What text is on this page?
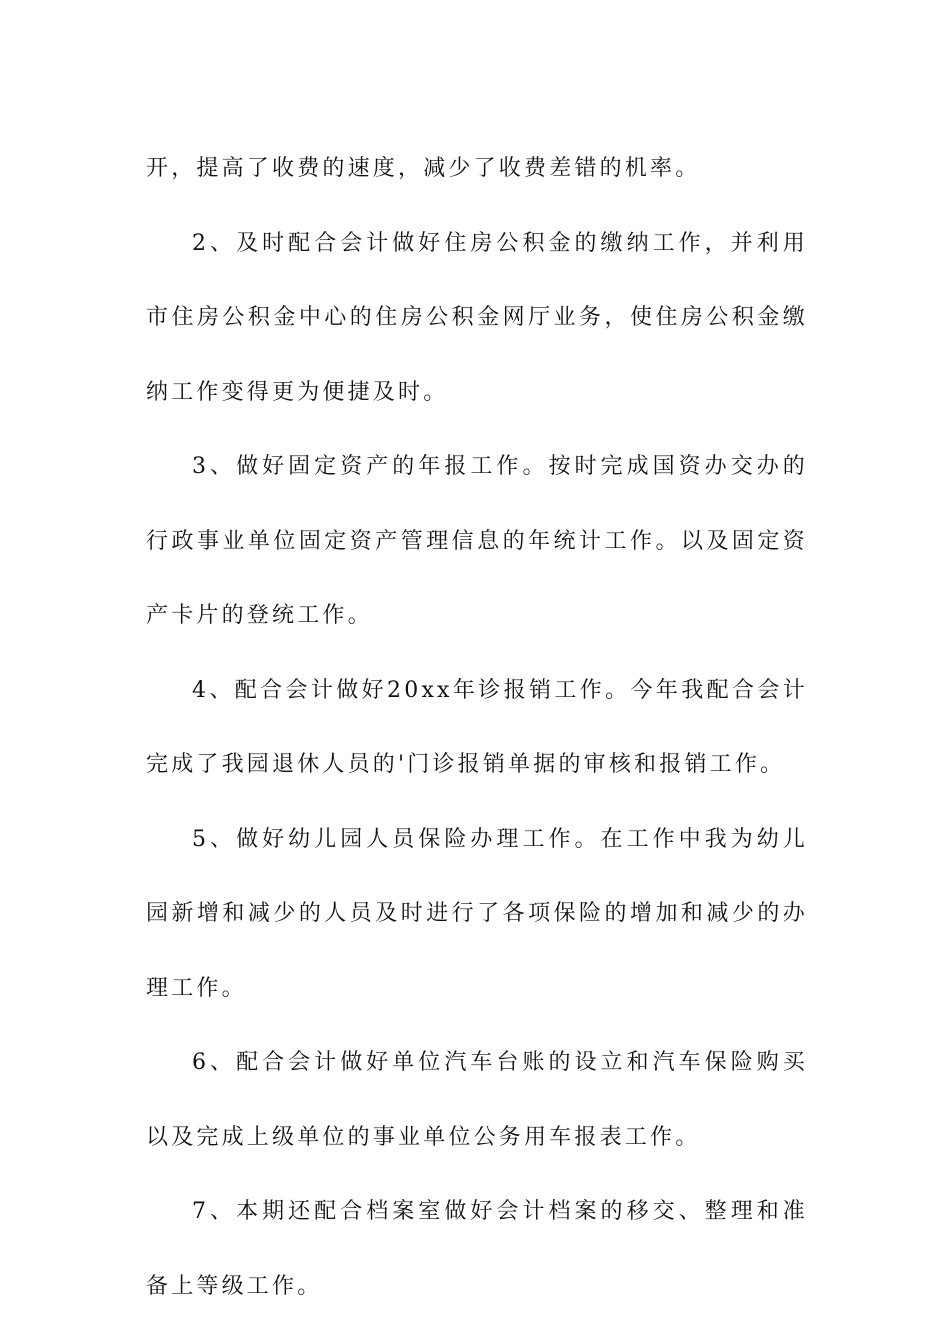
开，提高了收费的速度，减少了收费差错的机率。

2、及时配合会计做好住房公积金的缴纳工作，并利用市住房公积金中心的住房公积金网厅业务，使住房公积金缴纳工作变得更为便捷及时。

3、做好固定资产的年报工作。按时完成国资办交办的行政事业单位固定资产管理信息的年统计工作。以及固定资产卡片的登统工作。

4、配合会计做好20xx年诊报销工作。今年我配合会计完成了我园退休人员的'门诊报销单据的审核和报销工作。

5、做好幼儿园人员保险办理工作。在工作中我为幼儿园新增和减少的人员及时进行了各项保险的增加和减少的办理工作。

6、配合会计做好单位汽车台账的设立和汽车保险购买以及完成上级单位的事业单位公务用车报表工作。

7、本期还配合档案室做好会计档案的移交、整理和准备上等级工作。
